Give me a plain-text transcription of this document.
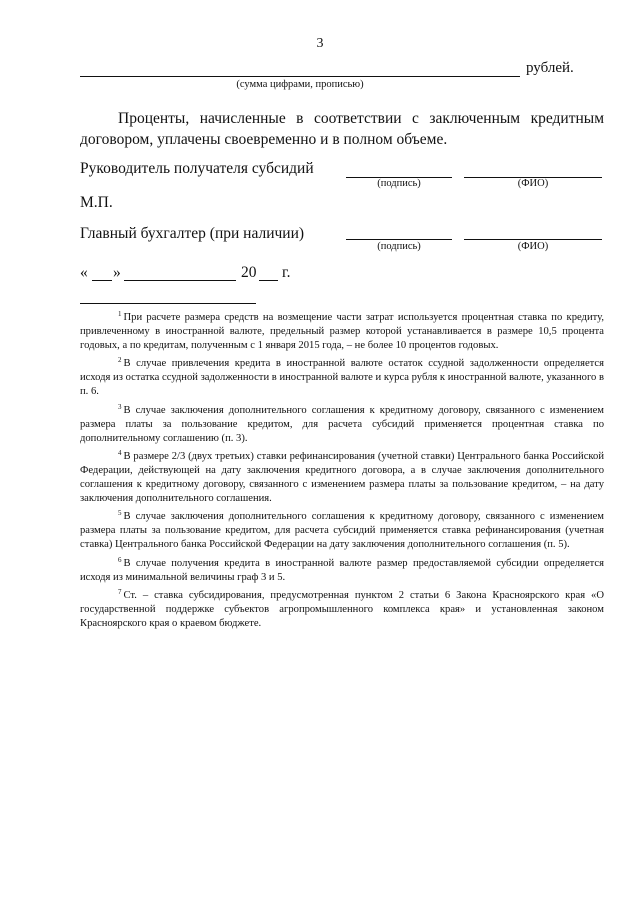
3
рублей.
(сумма цифрами, прописью)
Проценты, начисленные в соответствии с заключенным кредитным договором, уплачены своевременно и в полном объеме.
Руководитель получателя субсидий
(подпись)	(ФИО)
М.П.
Главный бухгалтер (при наличии)
(подпись)	(ФИО)
« »	20 г.

$^1$ При расчете размера средств на возмещение части затрат используется процентная ставка по кредиту, привлеченному в иностранной валюте, предельный размер которой устанавливается в размере 10,5 процента годовых, а по кредитам, полученным с 1 января 2015 года, – не более 10 процентов годовых.

$^2$ В случае привлечения кредита в иностранной валюте остаток ссудной задолженности определяется исходя из остатка ссудной задолженности в иностранной валюте и курса рубля к иностранной валюте, указанного в п. 6.

$^3$ В случае заключения дополнительного соглашения к кредитному договору, связанного с изменением размера платы за пользование кредитом, для расчета субсидий применяется процентная ставка по дополнительному соглашению (п. 3).

$^4$ В размере 2/3 (двух третьих) ставки рефинансирования (учетной ставки) Центрального банка Российской Федерации, действующей на дату заключения кредитного договора, а в случае заключения дополнительного соглашения к кредитному договору, связанного с изменением размера платы за пользование кредитом, – на дату заключения дополнительного соглашения.

$^5$ В случае заключения дополнительного соглашения к кредитному договору, связанного с изменением размера платы за пользование кредитом, для расчета субсидий применяется ставка рефинансирования (учетная ставка) Центрального банка Российской Федерации на дату заключения дополнительного соглашения (п. 5).

$^6$ В случае получения кредита в иностранной валюте размер предоставляемой субсидии определяется исходя из минимальной величины граф 3 и 5.

$^7$ Ст. – ставка субсидирования, предусмотренная пунктом 2 статьи 6 Закона Красноярского края «О государственной поддержке субъектов агропромышленного комплекса края» и установленная законом Красноярского края о краевом бюджете.
